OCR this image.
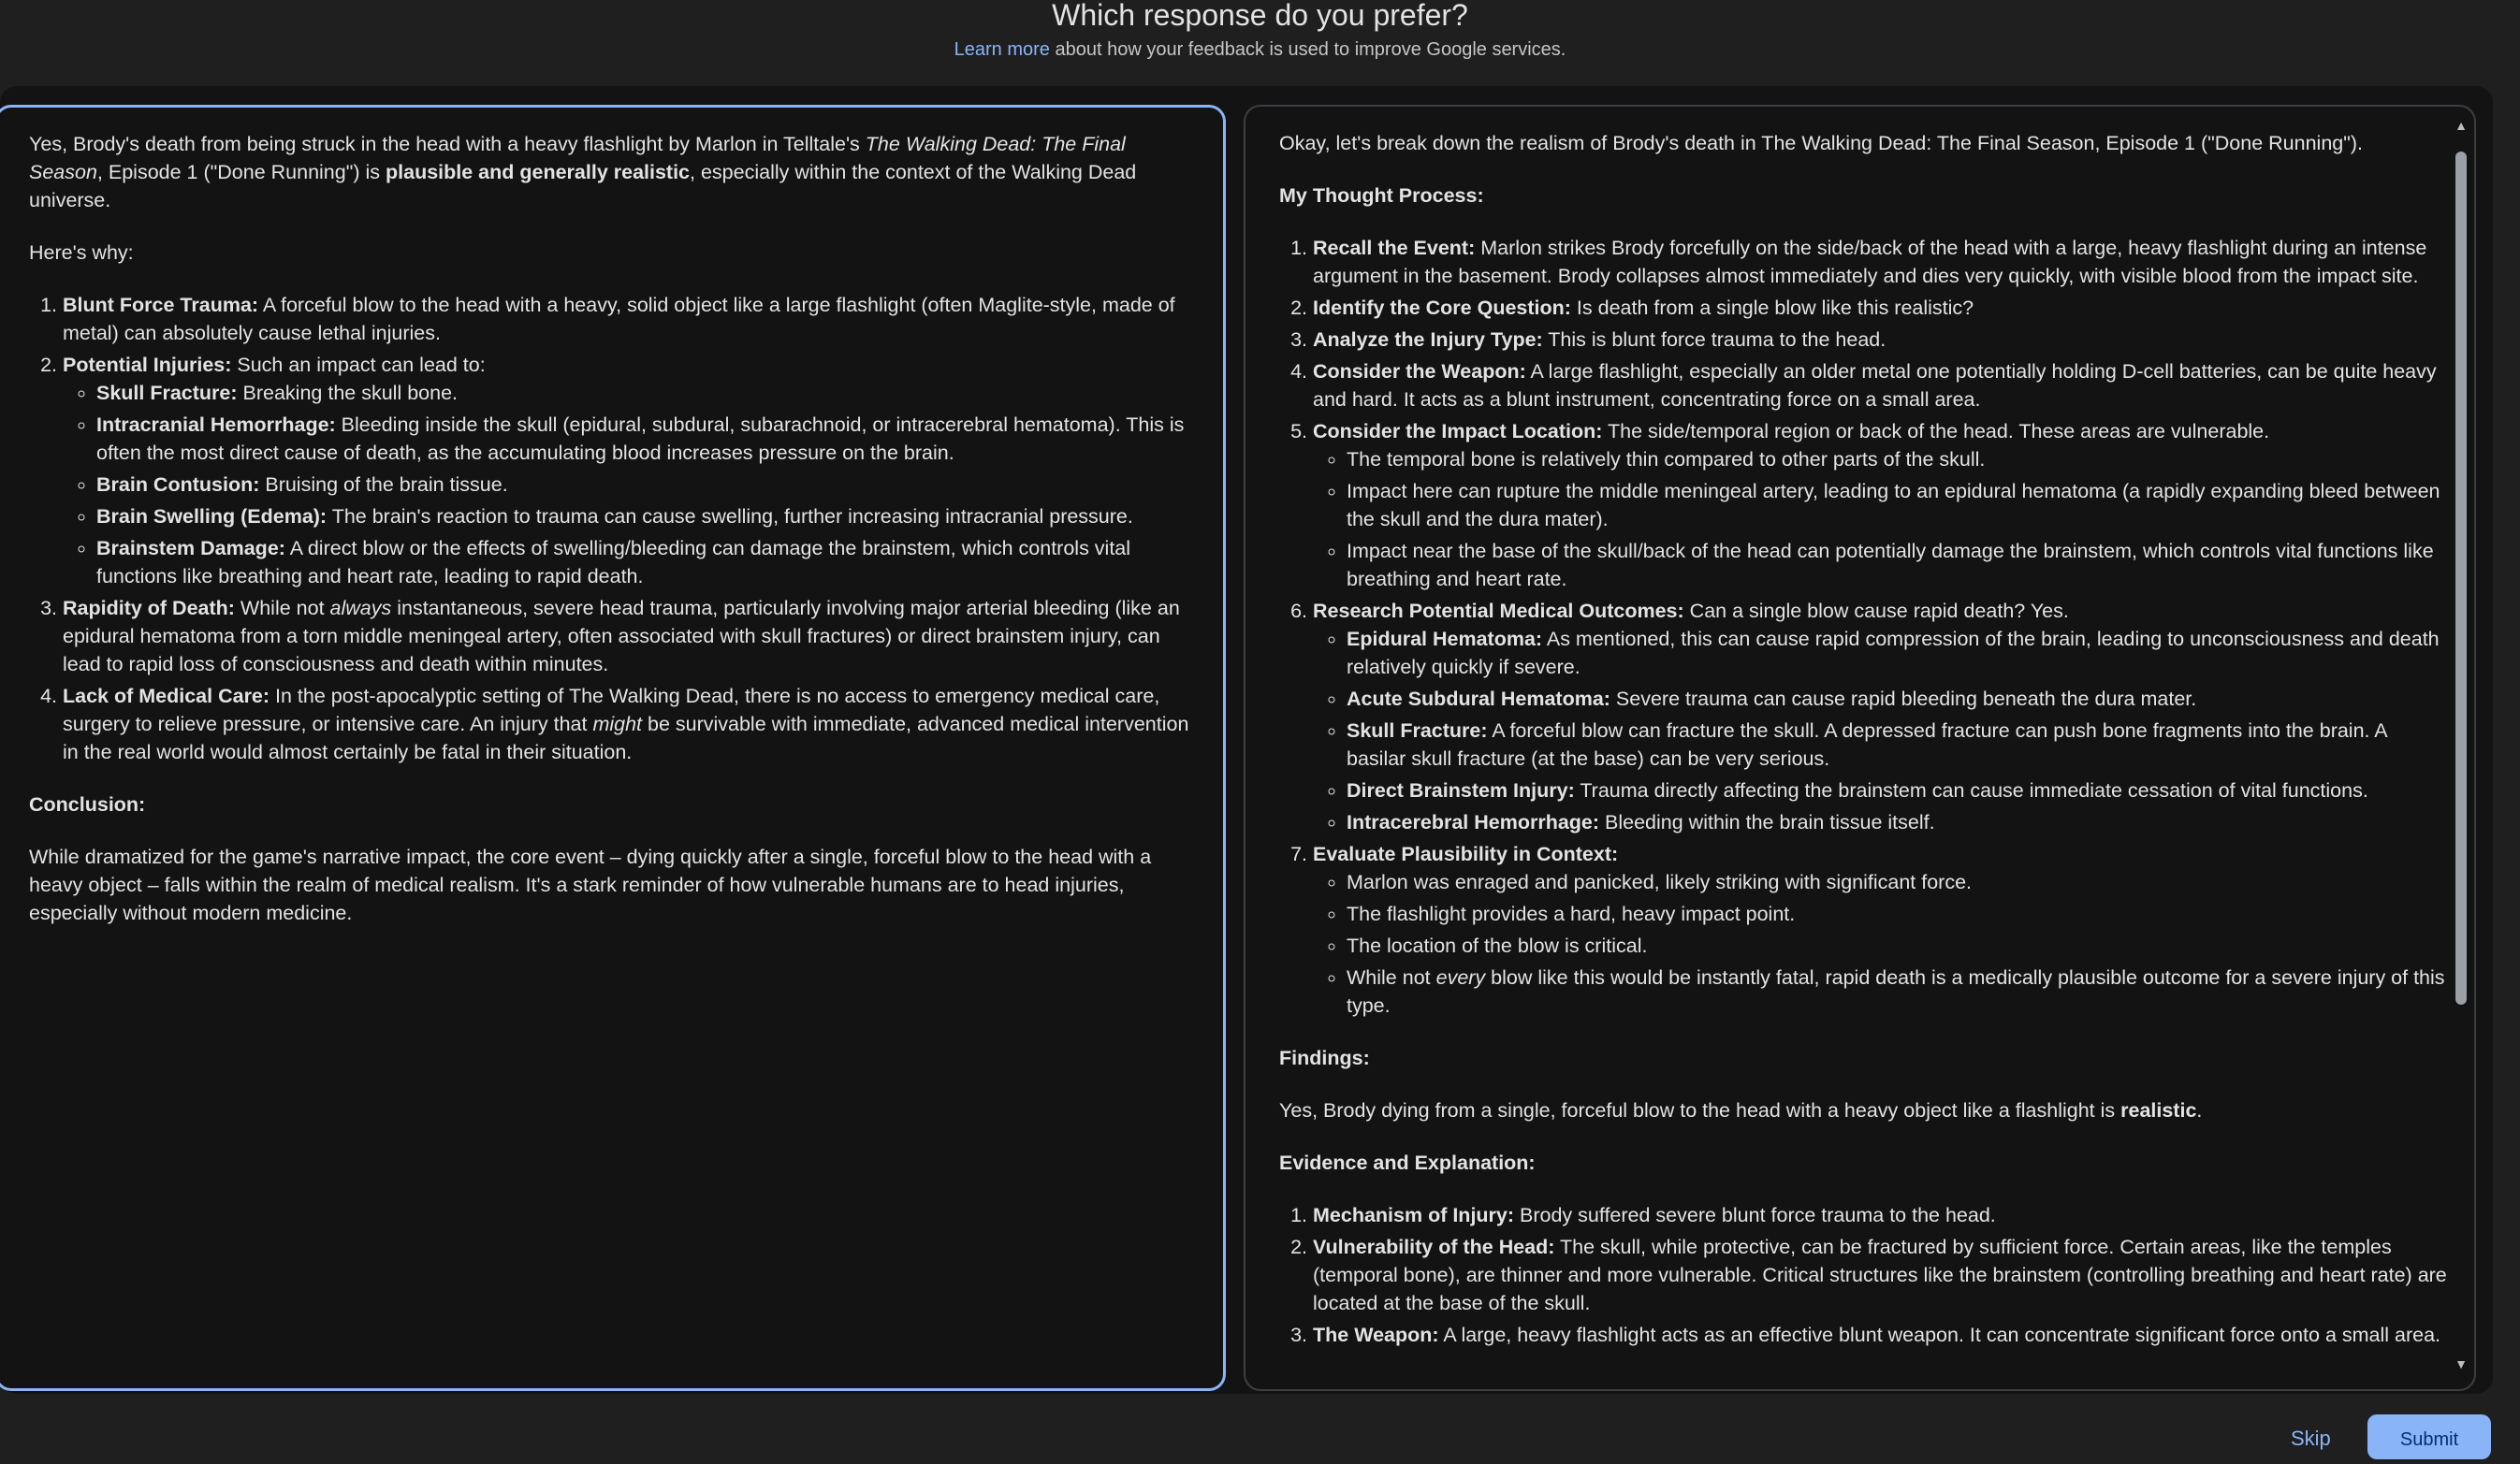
Which response do you prefer?
Learn more about how your feedback is used to improve Google services.

Yes, Brody's death from being struck in the head with a heavy flashlight by Marlon in Telltale's The Walking Dead: The Final Season, Episode 1 ("Done Running") is plausible and generally realistic, especially within the context of the Walking Dead universe.

Here's why:

1. Blunt Force Trauma: A forceful blow to the head with a heavy, solid object like a large flashlight (often Maglite-style, made of metal) can absolutely cause lethal injuries.
2. Potential Injuries: Such an impact can lead to:
◦ Skull Fracture: Breaking the skull bone.
◦ Intracranial Hemorrhage: Bleeding inside the skull (epidural, subdural, subarachnoid, or intracerebral hematoma). This is often the most direct cause of death, as the accumulating blood increases pressure on the brain.
◦ Brain Contusion: Bruising of the brain tissue.
◦ Brain Swelling (Edema): The brain's reaction to trauma can cause swelling, further increasing intracranial pressure.
◦ Brainstem Damage: A direct blow or the effects of swelling/bleeding can damage the brainstem, which controls vital functions like breathing and heart rate, leading to rapid death.
3. Rapidity of Death: While not always instantaneous, severe head trauma, particularly involving major arterial bleeding (like an epidural hematoma from a torn middle meningeal artery, often associated with skull fractures) or direct brainstem injury, can lead to rapid loss of consciousness and death within minutes.
4. Lack of Medical Care: In the post-apocalyptic setting of The Walking Dead, there is no access to emergency medical care, surgery to relieve pressure, or intensive care. An injury that might be survivable with immediate, advanced medical intervention in the real world would almost certainly be fatal in their situation.

Conclusion:

While dramatized for the game's narrative impact, the core event – dying quickly after a single, forceful blow to the head with a heavy object – falls within the realm of medical realism. It's a stark reminder of how vulnerable humans are to head injuries, especially without modern medicine.

Okay, let's break down the realism of Brody's death in The Walking Dead: The Final Season, Episode 1 ("Done Running").

My Thought Process:

1. Recall the Event: Marlon strikes Brody forcefully on the side/back of the head with a large, heavy flashlight during an intense argument in the basement. Brody collapses almost immediately and dies very quickly, with visible blood from the impact site.
2. Identify the Core Question: Is death from a single blow like this realistic?
3. Analyze the Injury Type: This is blunt force trauma to the head.
4. Consider the Weapon: A large flashlight, especially an older metal one potentially holding D-cell batteries, can be quite heavy and hard. It acts as a blunt instrument, concentrating force on a small area.
5. Consider the Impact Location: The side/temporal region or back of the head. These areas are vulnerable.
◦ The temporal bone is relatively thin compared to other parts of the skull.
◦ Impact here can rupture the middle meningeal artery, leading to an epidural hematoma (a rapidly expanding bleed between the skull and the dura mater).
◦ Impact near the base of the skull/back of the head can potentially damage the brainstem, which controls vital functions like breathing and heart rate.
6. Research Potential Medical Outcomes: Can a single blow cause rapid death? Yes.
◦ Epidural Hematoma: As mentioned, this can cause rapid compression of the brain, leading to unconsciousness and death relatively quickly if severe.
◦ Acute Subdural Hematoma: Severe trauma can cause rapid bleeding beneath the dura mater.
◦ Skull Fracture: A forceful blow can fracture the skull. A depressed fracture can push bone fragments into the brain. A basilar skull fracture (at the base) can be very serious.
◦ Direct Brainstem Injury: Trauma directly affecting the brainstem can cause immediate cessation of vital functions.
◦ Intracerebral Hemorrhage: Bleeding within the brain tissue itself.
7. Evaluate Plausibility in Context:
◦ Marlon was enraged and panicked, likely striking with significant force.
◦ The flashlight provides a hard, heavy impact point.
◦ The location of the blow is critical.
◦ While not every blow like this would be instantly fatal, rapid death is a medically plausible outcome for a severe injury of this type.

Findings:

Yes, Brody dying from a single, forceful blow to the head with a heavy object like a flashlight is realistic.

Evidence and Explanation:

1. Mechanism of Injury: Brody suffered severe blunt force trauma to the head.
2. Vulnerability of the Head: The skull, while protective, can be fractured by sufficient force. Certain areas, like the temples (temporal bone), are thinner and more vulnerable. Critical structures like the brainstem (controlling breathing and heart rate) are located at the base of the skull.
3. The Weapon: A large, heavy flashlight acts as an effective blunt weapon. It can concentrate significant force onto a small area.
▲
▼
Skip	Submit
